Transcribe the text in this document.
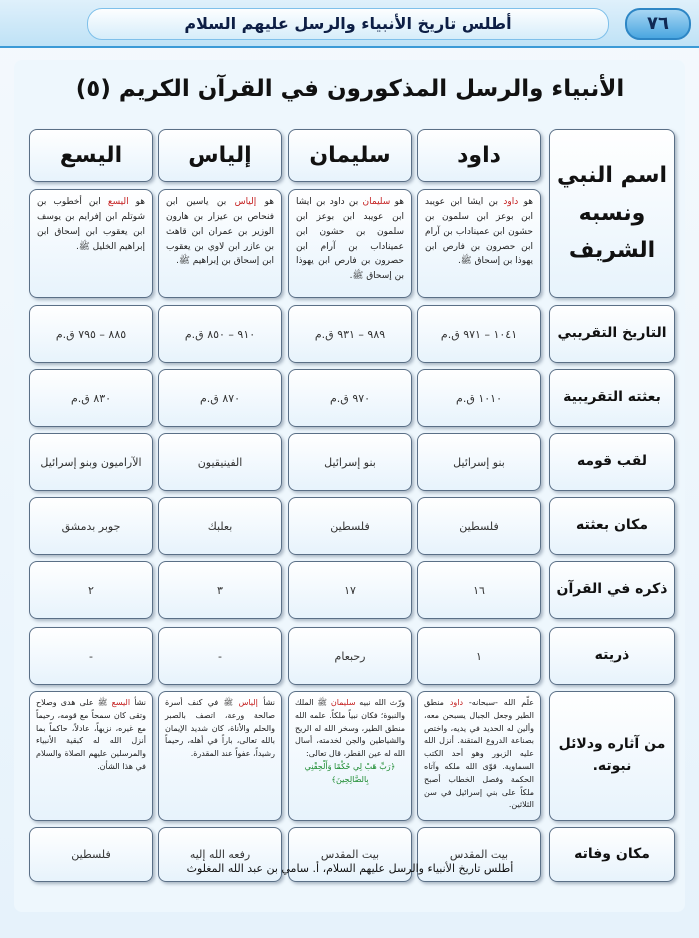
٧٦
أطلس تاريخ الأنبياء والرسل عليهم السلام
الأنبياء والرسل المذكورون في القرآن الكريم (٥)
داود
سليمان
إلياس
اليسع
اسم النبي ونسبه الشريف
التاريخ التقريبي
بعثته التقريبية
لقب قومه
مكان بعثته
ذكره في القرآن
ذريته
من آثاره ودلائل نبوته.
مكان وفاته
هو داود بن ايشا ابن عويبد ابن بوعز ابن سلمون بن حشون ابن عميناداب بن آرام ابن حصرون بن فارص ابن يهوذا بن إسحاق ﷺ.
هو سليمان بن داود بن ايشا ابن عويبد ابن بوعز ابن سلمون بن حشون ابن عميناداب بن آرام ابن حصرون بن فارص ابن يهوذا بن إسحاق ﷺ.
هو إلياس بن ياسين ابن فنحاص بن عيزار بن هارون الوزير بن عمران ابن قاهث بن عازر ابن لاوي بن يعقوب ابن إسحاق بن إبراهيم ﷺ.
هو اليسع ابن أخطوب بن شوتلم ابن إفرايم بن يوسف ابن يعقوب ابن إسحاق ابن إبراهيم الخليل ﷺ.
١٠٤١ – ٩٧١ ق.م
٩٨٩ – ٩٣١ ق.م
٩١٠ – ٨٥٠ ق.م
٨٨٥ – ٧٩٥ ق.م
١٠١٠ ق.م
٩٧٠ ق.م
٨٧٠ ق.م
٨٣٠ ق.م
بنو إسرائيل
بنو إسرائيل
الفينيقيون
الآراميون وبنو إسرائيل
فلسطين
فلسطين
بعلبك
جوبر بدمشق
١٦
١٧
٣
٢
١
رحبعام
-
-
علّم الله -سبحانه- داود منطق الطير وجعل الجبال يسبحن معه، وألين له الحديد في يديه، واختص بصناعة الدروع المتقنة. أنزل الله عليه الزبور وهو أحد الكتب السماوية. قوّى الله ملكه وآتاه الحكمة وفصل الخطاب أصبح ملكاً على بني إسرائيل في سن الثلاثين.
ورّث الله نبيه سليمان ﷺ الملك والنبوة؛ فكان نبياً ملكاً. علمه الله منطق الطير، وسخر الله له الريح والشياطين والجن لخدمته، أسال الله له عين القطر، قال تعالى:
﴿رَبِّ هَبْ لِي حُكْمًا وَأَلْحِقْنِي بِالصَّالِحِينَ﴾
نشأ إلياس ﷺ في كنف أسرة صالحة ورعة، اتصف بالصبر والحلم والأناة، كان شديد الإيمان بالله تعالى، باراً في أهله، رحيماً رشيداً، عفواً عند المقدرة.
نشأ اليسع ﷺ على هدى وصلاح وتقى كان سمحاً مع قومه، رحيماً مع غيره، نزيهاً، عادلاً، حاكماً بما أنزل الله له كبقية الأنبياء والمرسلين عليهم الصلاة والسلام في هذا الشأن.
بيت المقدس
بيت المقدس
رفعه الله إليه
فلسطين
أطلس تاريخ الأنبياء والرسل عليهم السلام، أ. سامي بن عبد الله المغلوث
